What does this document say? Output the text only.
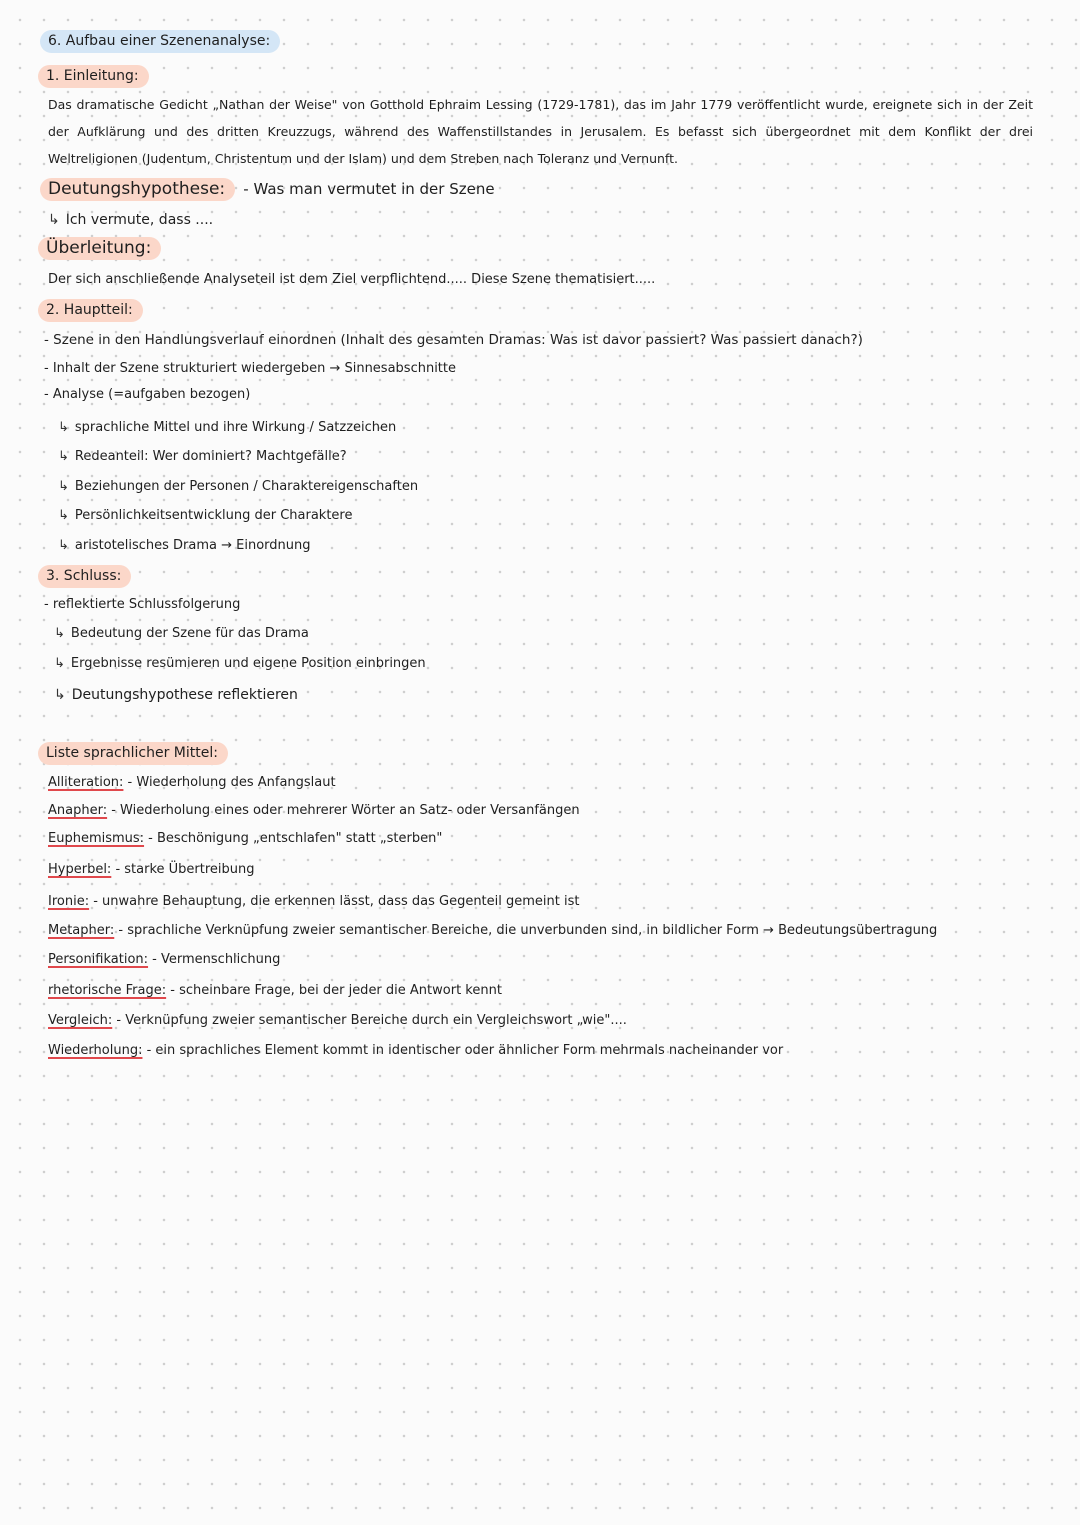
6. Aufbau einer Szenenanalyse:
1. Einleitung:
Das dramatische Gedicht „Nathan der Weise" von Gotthold Ephraim Lessing (1729-1781), das im Jahr 1779 veröffentlicht wurde, ereignete sich in der Zeit der Aufklärung und des dritten Kreuzzugs, während des Waffenstillstandes in Jerusalem. Es befasst sich übergeordnet mit dem Konflikt der drei Weltreligionen (Judentum, Christentum und der Islam) und dem Streben nach Toleranz und Vernunft.
Deutungshypothese: - Was man vermutet in der Szene
↳ Ich vermute, dass ....
Überleitung:
Der sich anschließende Analyseteil ist dem Ziel verpflichtend..... Diese Szene thematisiert.....
2. Hauptteil:
- Szene in den Handlungsverlauf einordnen (Inhalt des gesamten Dramas: Was ist davor passiert? Was passiert danach?)
- Inhalt der Szene strukturiert wiedergeben → Sinnesabschnitte
- Analyse (=aufgaben bezogen)
↳ sprachliche Mittel und ihre Wirkung / Satzzeichen
↳ Redeanteil: Wer dominiert? Machtgefälle?
↳ Beziehungen der Personen / Charaktereigenschaften
↳ Persönlichkeitsentwicklung der Charaktere
↳ aristotelisches Drama → Einordnung
3. Schluss:
- reflektierte Schlussfolgerung
↳ Bedeutung der Szene für das Drama
↳ Ergebnisse resümieren und eigene Position einbringen
↳ Deutungshypothese reflektieren
Liste sprachlicher Mittel:
Alliteration: - Wiederholung des Anfangslaut
Anapher: - Wiederholung eines oder mehrerer Wörter an Satz- oder Versanfängen
Euphemismus: - Beschönigung „entschlafen" statt „sterben"
Hyperbel: - starke Übertreibung
Ironie: - unwahre Behauptung, die erkennen lässt, dass das Gegenteil gemeint ist
Metapher: - sprachliche Verknüpfung zweier semantischer Bereiche, die unverbunden sind, in bildlicher Form → Bedeutungsübertragung
Personifikation: - Vermenschlichung
rhetorische Frage: - scheinbare Frage, bei der jeder die Antwort kennt
Vergleich: - Verknüpfung zweier semantischer Bereiche durch ein Vergleichswort „wie"....
Wiederholung: - ein sprachliches Element kommt in identischer oder ähnlicher Form mehrmals nacheinander vor
